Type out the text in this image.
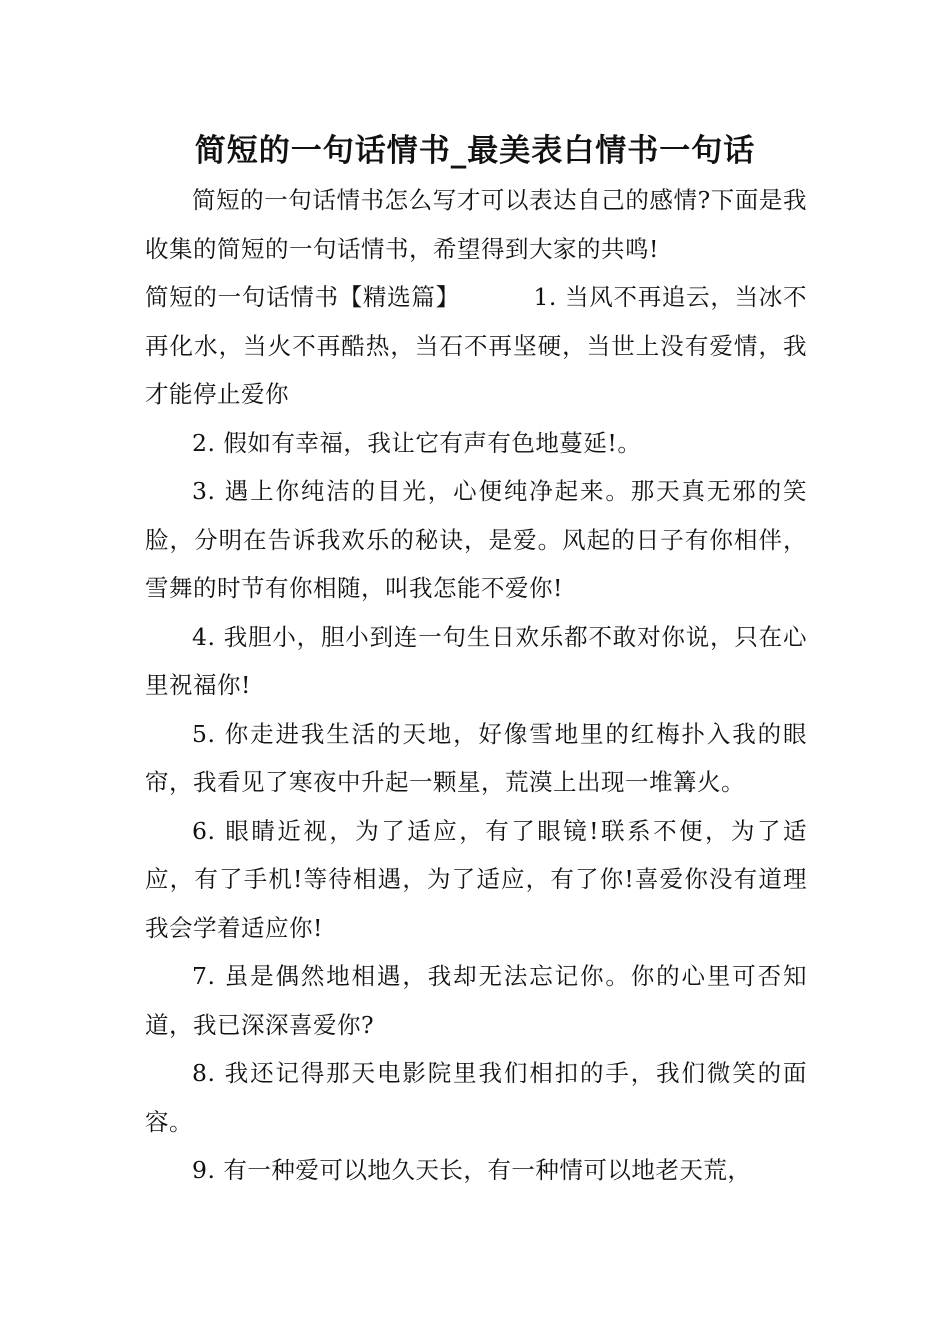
简短的一句话情书_最美表白情书一句话

简短的一句话情书怎么写才可以表达自己的感情?下面是我收集的简短的一句话情书，希望得到大家的共鸣!

简短的一句话情书【精选篇】	1. 当风不再追云，当冰不再化水，当火不再酷热，当石不再坚硬，当世上没有爱情，我才能停止爱你

2. 假如有幸福，我让它有声有色地蔓延!。

3. 遇上你纯洁的目光，心便纯净起来。那天真无邪的笑脸，分明在告诉我欢乐的秘诀，是爱。风起的日子有你相伴，雪舞的时节有你相随，叫我怎能不爱你!

4. 我胆小，胆小到连一句生日欢乐都不敢对你说，只在心里祝福你!

5. 你走进我生活的天地，好像雪地里的红梅扑入我的眼帘，我看见了寒夜中升起一颗星，荒漠上出现一堆篝火。

6. 眼睛近视，为了适应，有了眼镜!联系不便，为了适应，有了手机!等待相遇，为了适应，有了你!喜爱你没有道理我会学着适应你!

7. 虽是偶然地相遇，我却无法忘记你。你的心里可否知道，我已深深喜爱你?

8. 我还记得那天电影院里我们相扣的手，我们微笑的面容。

9. 有一种爱可以地久天长，有一种情可以地老天荒，
